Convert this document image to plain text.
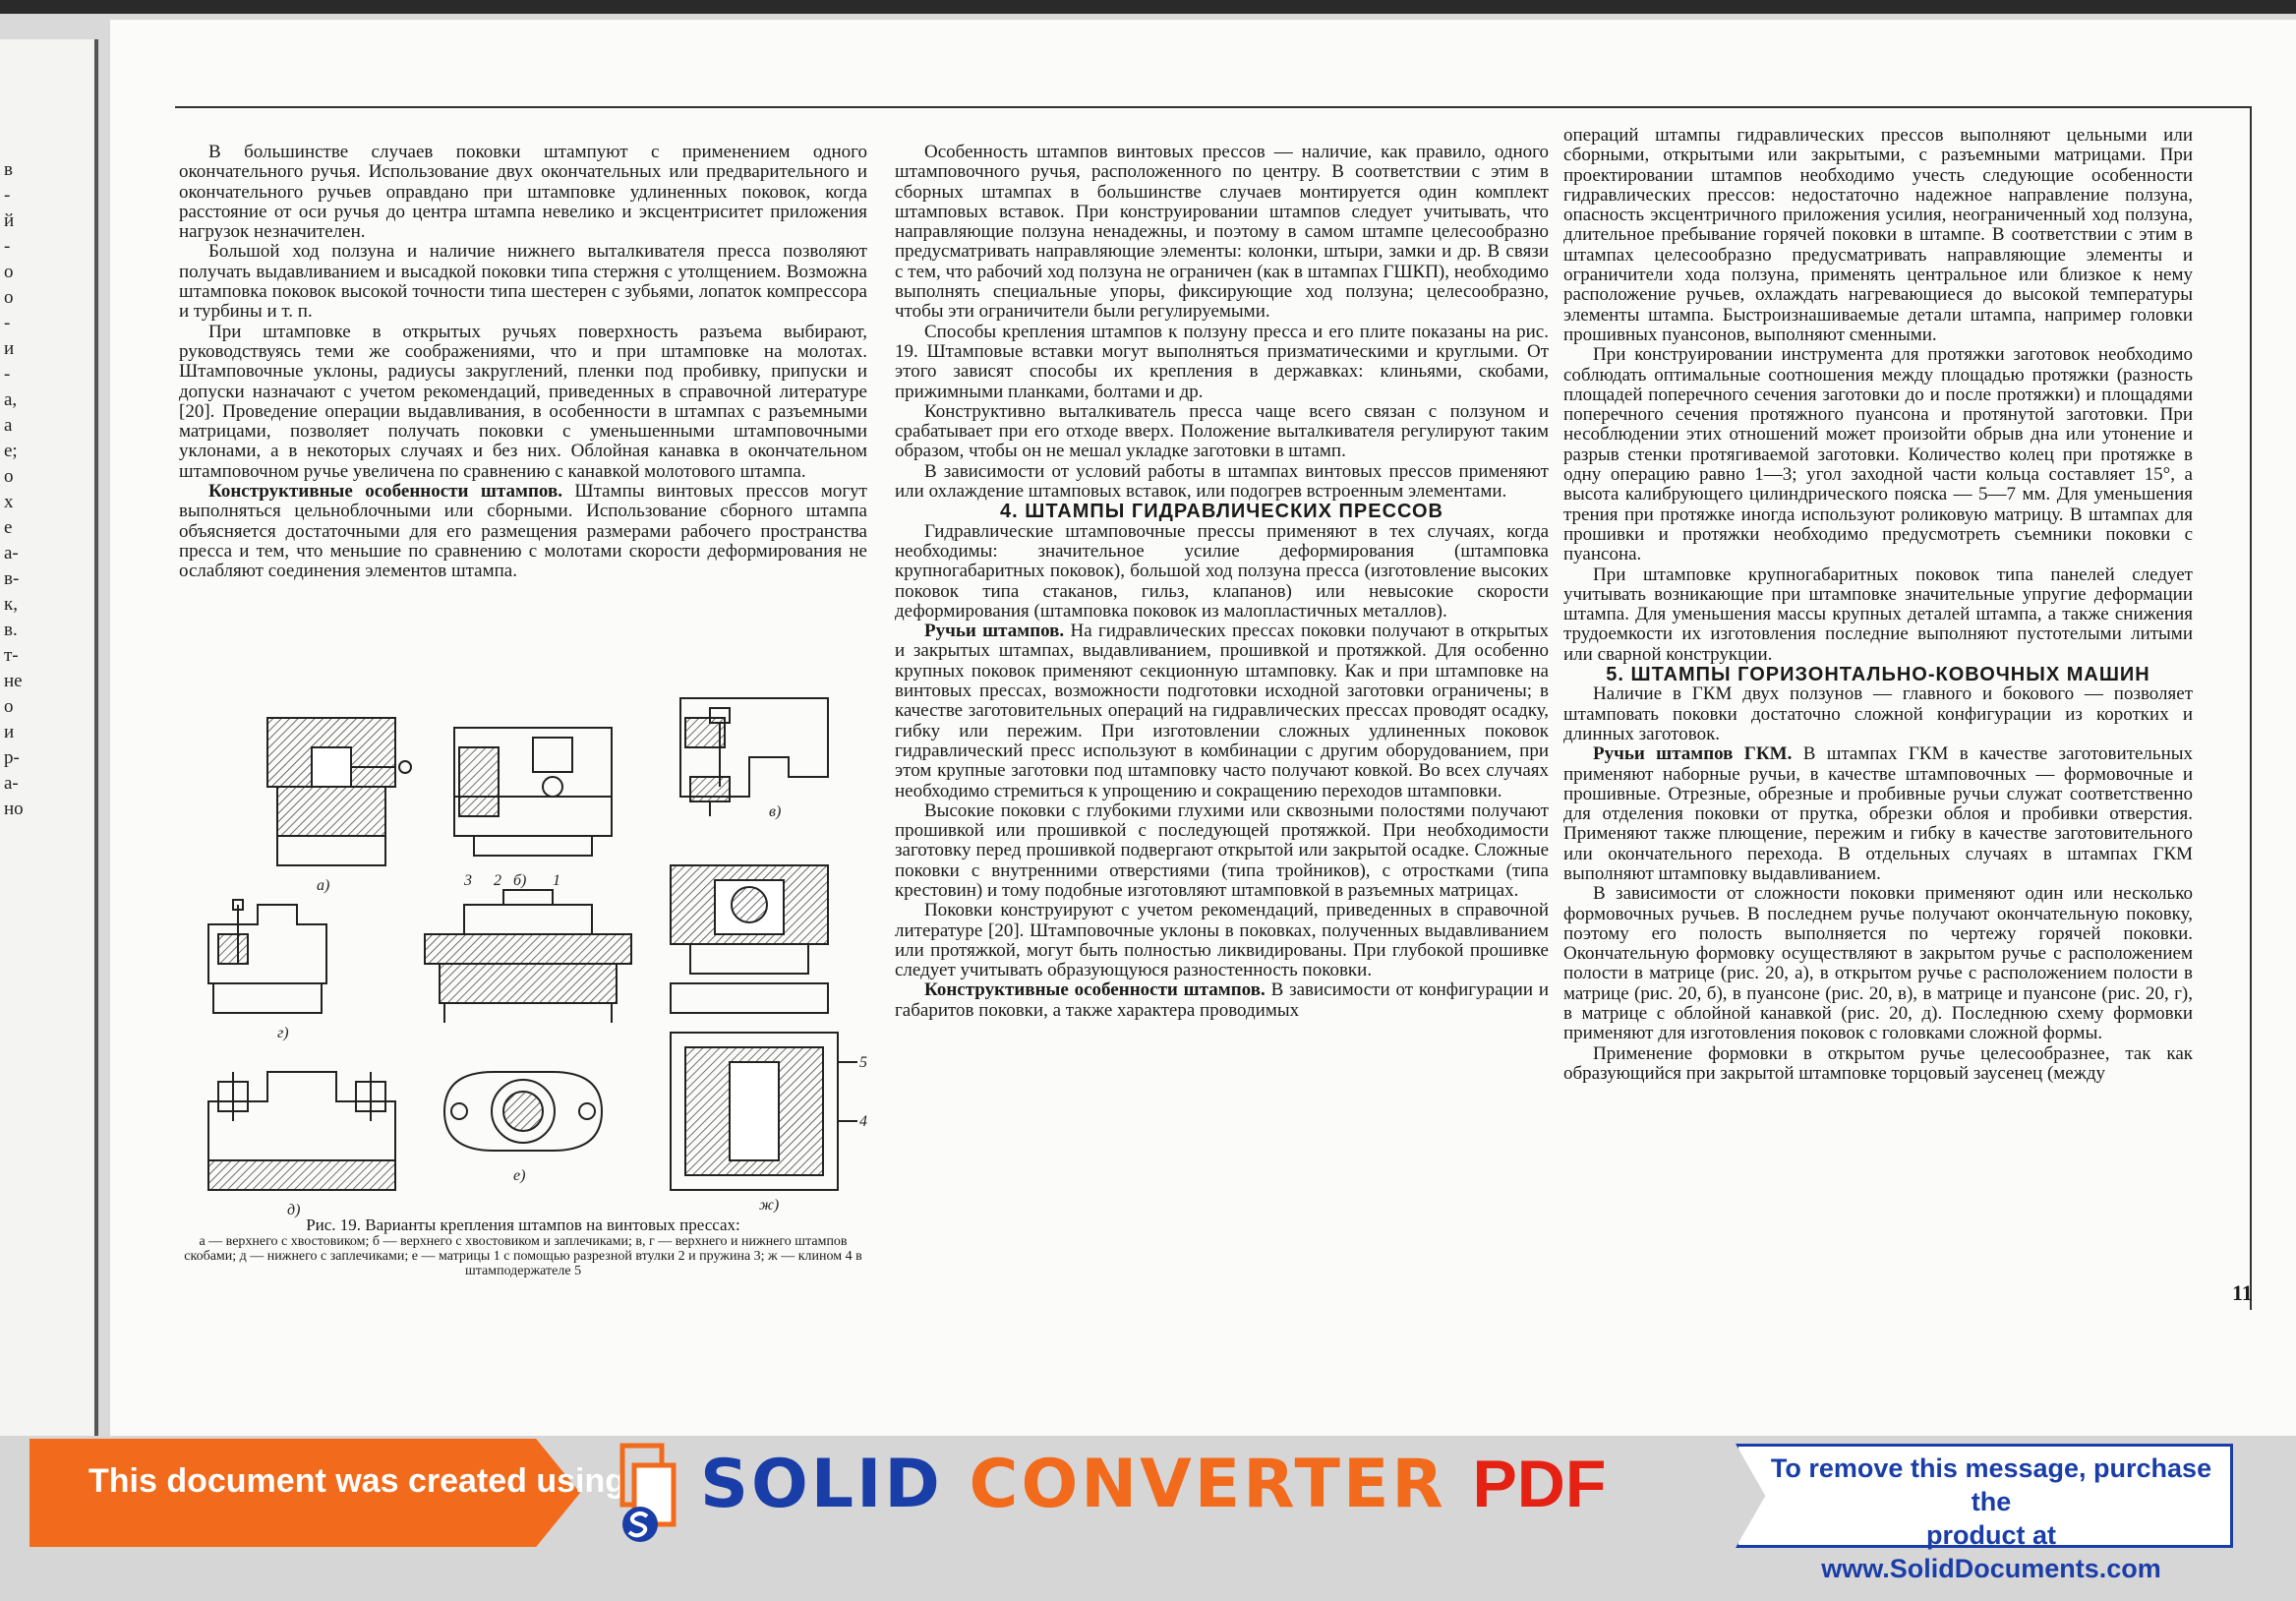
в
-
й
-
о
о
-
и
-
а,
а
е;
о
х
е
а-
в-
к,
в.
т-
не
о
и
р-
а-
но

В большинстве случаев поковки штампуют с применением одного окончательного ручья. Использование двух окончательных или предварительного и окончательного ручьев оправдано при штамповке удлиненных поковок, когда расстояние от оси ручья до центра штампа невелико и эксцентриситет приложения нагрузок незначителен.

Большой ход ползуна и наличие нижнего выталкивателя пресса позволяют получать выдавливанием и высадкой поковки типа стержня с утолщением. Возможна штамповка поковок высокой точности типа шестерен с зубьями, лопаток компрессора и турбины и т. п.

При штамповке в открытых ручьях поверхность разъема выбирают, руководствуясь теми же соображениями, что и при штамповке на молотах. Штамповочные уклоны, радиусы закруглений, пленки под пробивку, припуски и допуски назначают с учетом рекомендаций, приведенных в справочной литературе [20]. Проведение операции выдавливания, в особенности в штампах с разъемными матрицами, позволяет получать поковки с уменьшенными штамповочными уклонами, а в некоторых случаях и без них. Облойная канавка в окончательном штамповочном ручье увеличена по сравнению с канавкой молотового штампа.

Конструктивные особенности штампов. Штампы винтовых прессов могут выполняться цельноблочными или сборными. Использование сборного штампа объясняется достаточными для его размещения размерами рабочего пространства пресса и тем, что меньшие по сравнению с молотами скорости деформирования не ослабляют соединения элементов штампа.

а)	б)
в)
г)
д)
е)
ж)
3 2	1
5
4
Рис. 19. Варианты крепления штампов на винтовых прессах:
а — верхнего с хвостовиком; б — верхнего с хвостовиком и заплечиками; в, г — верхнего и нижнего штампов скобами; д — нижнего с заплечиками; е — матрицы 1 с помощью разрезной втулки 2 и пружина 3; ж — клином 4 в штамподержателе 5

Особенность штампов винтовых прессов — наличие, как правило, одного штамповочного ручья, расположенного по центру. В соответствии с этим в сборных штампах в большинстве случаев монтируется один комплект штамповых вставок. При конструировании штампов следует учитывать, что направляющие ползуна ненадежны, и поэтому в самом штампе целесообразно предусматривать направляющие элементы: колонки, штыри, замки и др. В связи с тем, что рабочий ход ползуна не ограничен (как в штампах ГШКП), необходимо выполнять специальные упоры, фиксирующие ход ползуна; целесообразно, чтобы эти ограничители были регулируемыми.

Способы крепления штампов к ползуну пресса и его плите показаны на рис. 19. Штамповые вставки могут выполняться призматическими и круглыми. От этого зависят способы их крепления в державках: клиньями, скобами, прижимными планками, болтами и др.

Конструктивно выталкиватель пресса чаще всего связан с ползуном и срабатывает при его отходе вверх. Положение выталкивателя регулируют таким образом, чтобы он не мешал укладке заготовки в штамп.

В зависимости от условий работы в штампах винтовых прессов применяют или охлаждение штамповых вставок, или подогрев встроенным элементами.

4. ШТАМПЫ ГИДРАВЛИЧЕСКИХ ПРЕССОВ

Гидравлические штамповочные прессы применяют в тех случаях, когда необходимы: значительное усилие деформирования (штамповка крупногабаритных поковок), большой ход ползуна пресса (изготовление высоких поковок типа стаканов, гильз, клапанов) или невысокие скорости деформирования (штамповка поковок из малопластичных металлов).

Ручьи штампов. На гидравлических прессах поковки получают в открытых и закрытых штампах, выдавливанием, прошивкой и протяжкой. Для особенно крупных поковок применяют секционную штамповку. Как и при штамповке на винтовых прессах, возможности подготовки исходной заготовки ограничены; в качестве заготовительных операций на гидравлических прессах проводят осадку, гибку или пережим. При изготовлении сложных удлиненных поковок гидравлический пресс используют в комбинации с другим оборудованием, при этом крупные заготовки под штамповку часто получают ковкой. Во всех случаях необходимо стремиться к упрощению и сокращению переходов штамповки.

Высокие поковки с глубокими глухими или сквозными полостями получают прошивкой или прошивкой с последующей протяжкой. При необходимости заготовку перед прошивкой подвергают открытой или закрытой осадке. Сложные поковки с внутренними отверстиями (типа тройников), с отростками (типа крестовин) и тому подобные изготовляют штамповкой в разъемных матрицах.

Поковки конструируют с учетом рекомендаций, приведенных в справочной литературе [20]. Штамповочные уклоны в поковках, полученных выдавливанием или протяжкой, могут быть полностью ликвидированы. При глубокой прошивке следует учитывать образующуюся разностенность поковки.

Конструктивные особенности штампов. В зависимости от конфигурации и габаритов поковки, а также характера проводимых

операций штампы гидравлических прессов выполняют цельными или сборными, открытыми или закрытыми, с разъемными матрицами. При проектировании штампов необходимо учесть следующие особенности гидравлических прессов: недостаточно надежное направление ползуна, опасность эксцентричного приложения усилия, неограниченный ход ползуна, длительное пребывание горячей поковки в штампе. В соответствии с этим в штампах целесообразно предусматривать направляющие элементы и ограничители хода ползуна, применять центральное или близкое к нему расположение ручьев, охлаждать нагревающиеся до высокой температуры элементы штампа. Быстроизнашиваемые детали штампа, например головки прошивных пуансонов, выполняют сменными.

При конструировании инструмента для протяжки заготовок необходимо соблюдать оптимальные соотношения между площадью протяжки (разность площадей поперечного сечения заготовки до и после протяжки) и площадями поперечного сечения протяжного пуансона и протянутой заготовки. При несоблюдении этих отношений может произойти обрыв дна или утонение и разрыв стенки протягиваемой заготовки. Количество колец при протяжке в одну операцию равно 1—3; угол заходной части кольца составляет 15°, а высота калибрующего цилиндрического пояска — 5—7 мм. Для уменьшения трения при протяжке иногда используют роликовую матрицу. В штампах для прошивки и протяжки необходимо предусмотреть съемники поковки с пуансона.

При штамповке крупногабаритных поковок типа панелей следует учитывать возникающие при штамповке значительные упругие деформации штампа. Для уменьшения массы крупных деталей штампа, а также снижения трудоемкости их изготовления последние выполняют пустотелыми литыми или сварной конструкции.

5. ШТАМПЫ ГОРИЗОНТАЛЬНО-КОВОЧНЫХ МАШИН

Наличие в ГКМ двух ползунов — главного и бокового — позволяет штамповать поковки достаточно сложной конфигурации из коротких и длинных заготовок.

Ручьи штампов ГКМ. В штампах ГКМ в качестве заготовительных применяют наборные ручьи, в качестве штамповочных — формовочные и прошивные. Отрезные, обрезные и пробивные ручьи служат соответственно для отделения поковки от прутка, обрезки облоя и пробивки отверстия. Применяют также плющение, пережим и гибку в качестве заготовительного или окончательного перехода. В отдельных случаях в штампах ГКМ выполняют штамповку выдавливанием.

В зависимости от сложности поковки применяют один или несколько формовочных ручьев. В последнем ручье получают окончательную поковку, поэтому его полость выполняется по чертежу горячей поковки. Окончательную формовку осуществляют в закрытом ручье с расположением полости в матрице (рис. 20, а), в открытом ручье с расположением полости в матрице (рис. 20, б), в пуансоне (рис. 20, в), в матрице и пуансоне (рис. 20, г), в матрице с облойной канавкой (рис. 20, д). Последнюю схему формовки применяют для изготовления поковок с головками сложной формы.

Применение формовки в открытом ручье целесообразнее, так как образующийся при закрытой штамповке торцовый заусенец (между

11
This document was created using SOLID CONVERTER PDF	To remove this message, purchase the
product at www.SolidDocuments.com
